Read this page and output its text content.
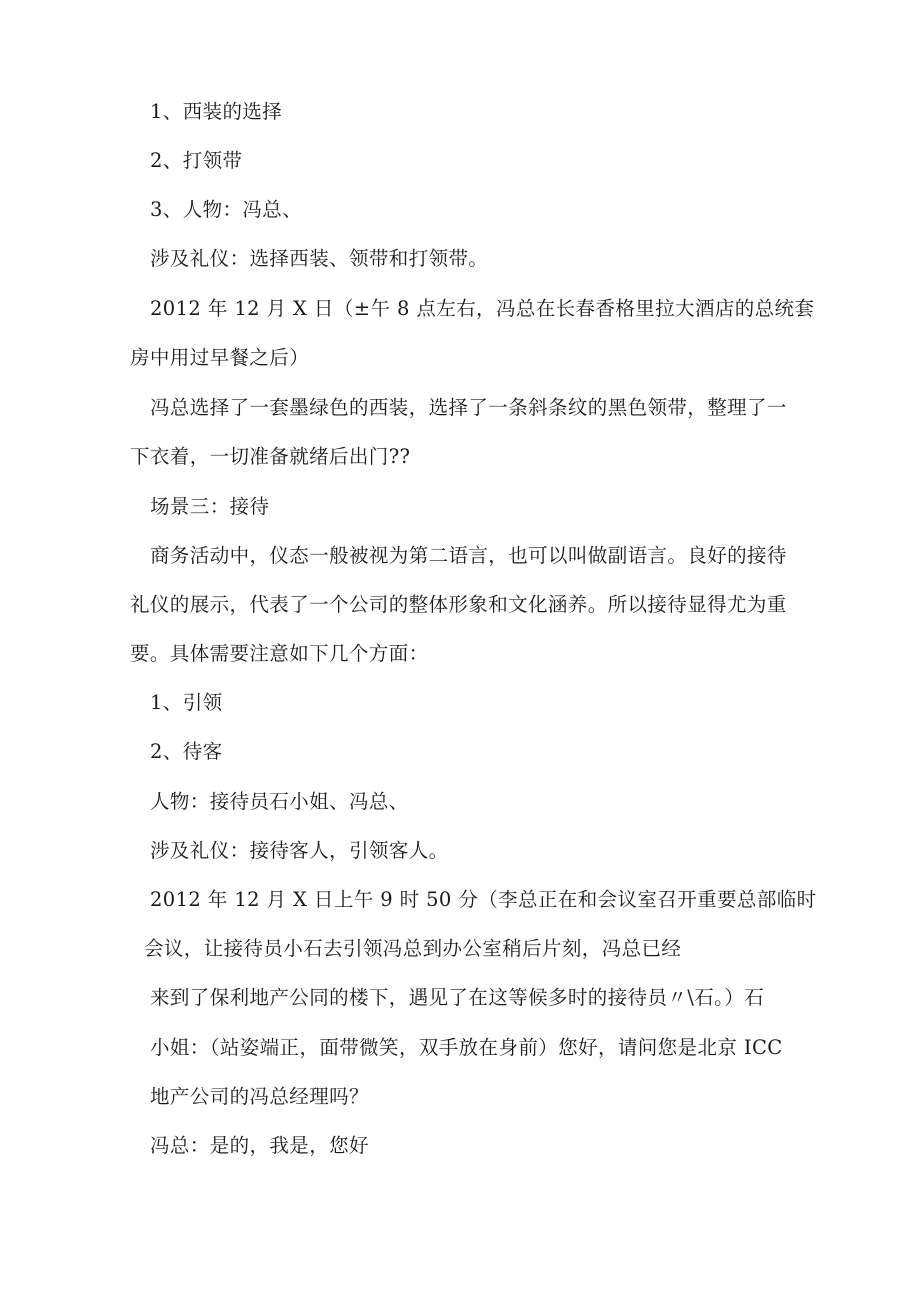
1、西装的选择
2、打领带
3、人物：冯总、
涉及礼仪：选择西装、领带和打领带。
2012 年 12 月 X 日（±午 8 点左右，冯总在长春香格里拉大酒店的总统套
房中用过早餐之后）
冯总选择了一套墨绿色的西装，选择了一条斜条纹的黑色领带，整理了一
下衣着，一切准备就绪后出门??
场景三：接待
商务活动中，仪态一般被视为第二语言，也可以叫做副语言。良好的接待
礼仪的展示，代表了一个公司的整体形象和文化涵养。所以接待显得尤为重
要。具体需要注意如下几个方面：
1、引领
2、待客
人物：接待员石小姐、冯总、
涉及礼仪：接待客人，引领客人。
2012 年 12 月 X 日上午 9 时 50 分（李总正在和会议室召开重要总部临时
会议，让接待员小石去引领冯总到办公室稍后片刻，冯总已经
来到了保利地产公同的楼下，遇见了在这等候多时的接待员〃\石。）石
小姐：（站姿端正，面带微笑，双手放在身前）您好，请问您是北京 ICC
地产公司的冯总经理吗？
冯总：是的，我是，您好
